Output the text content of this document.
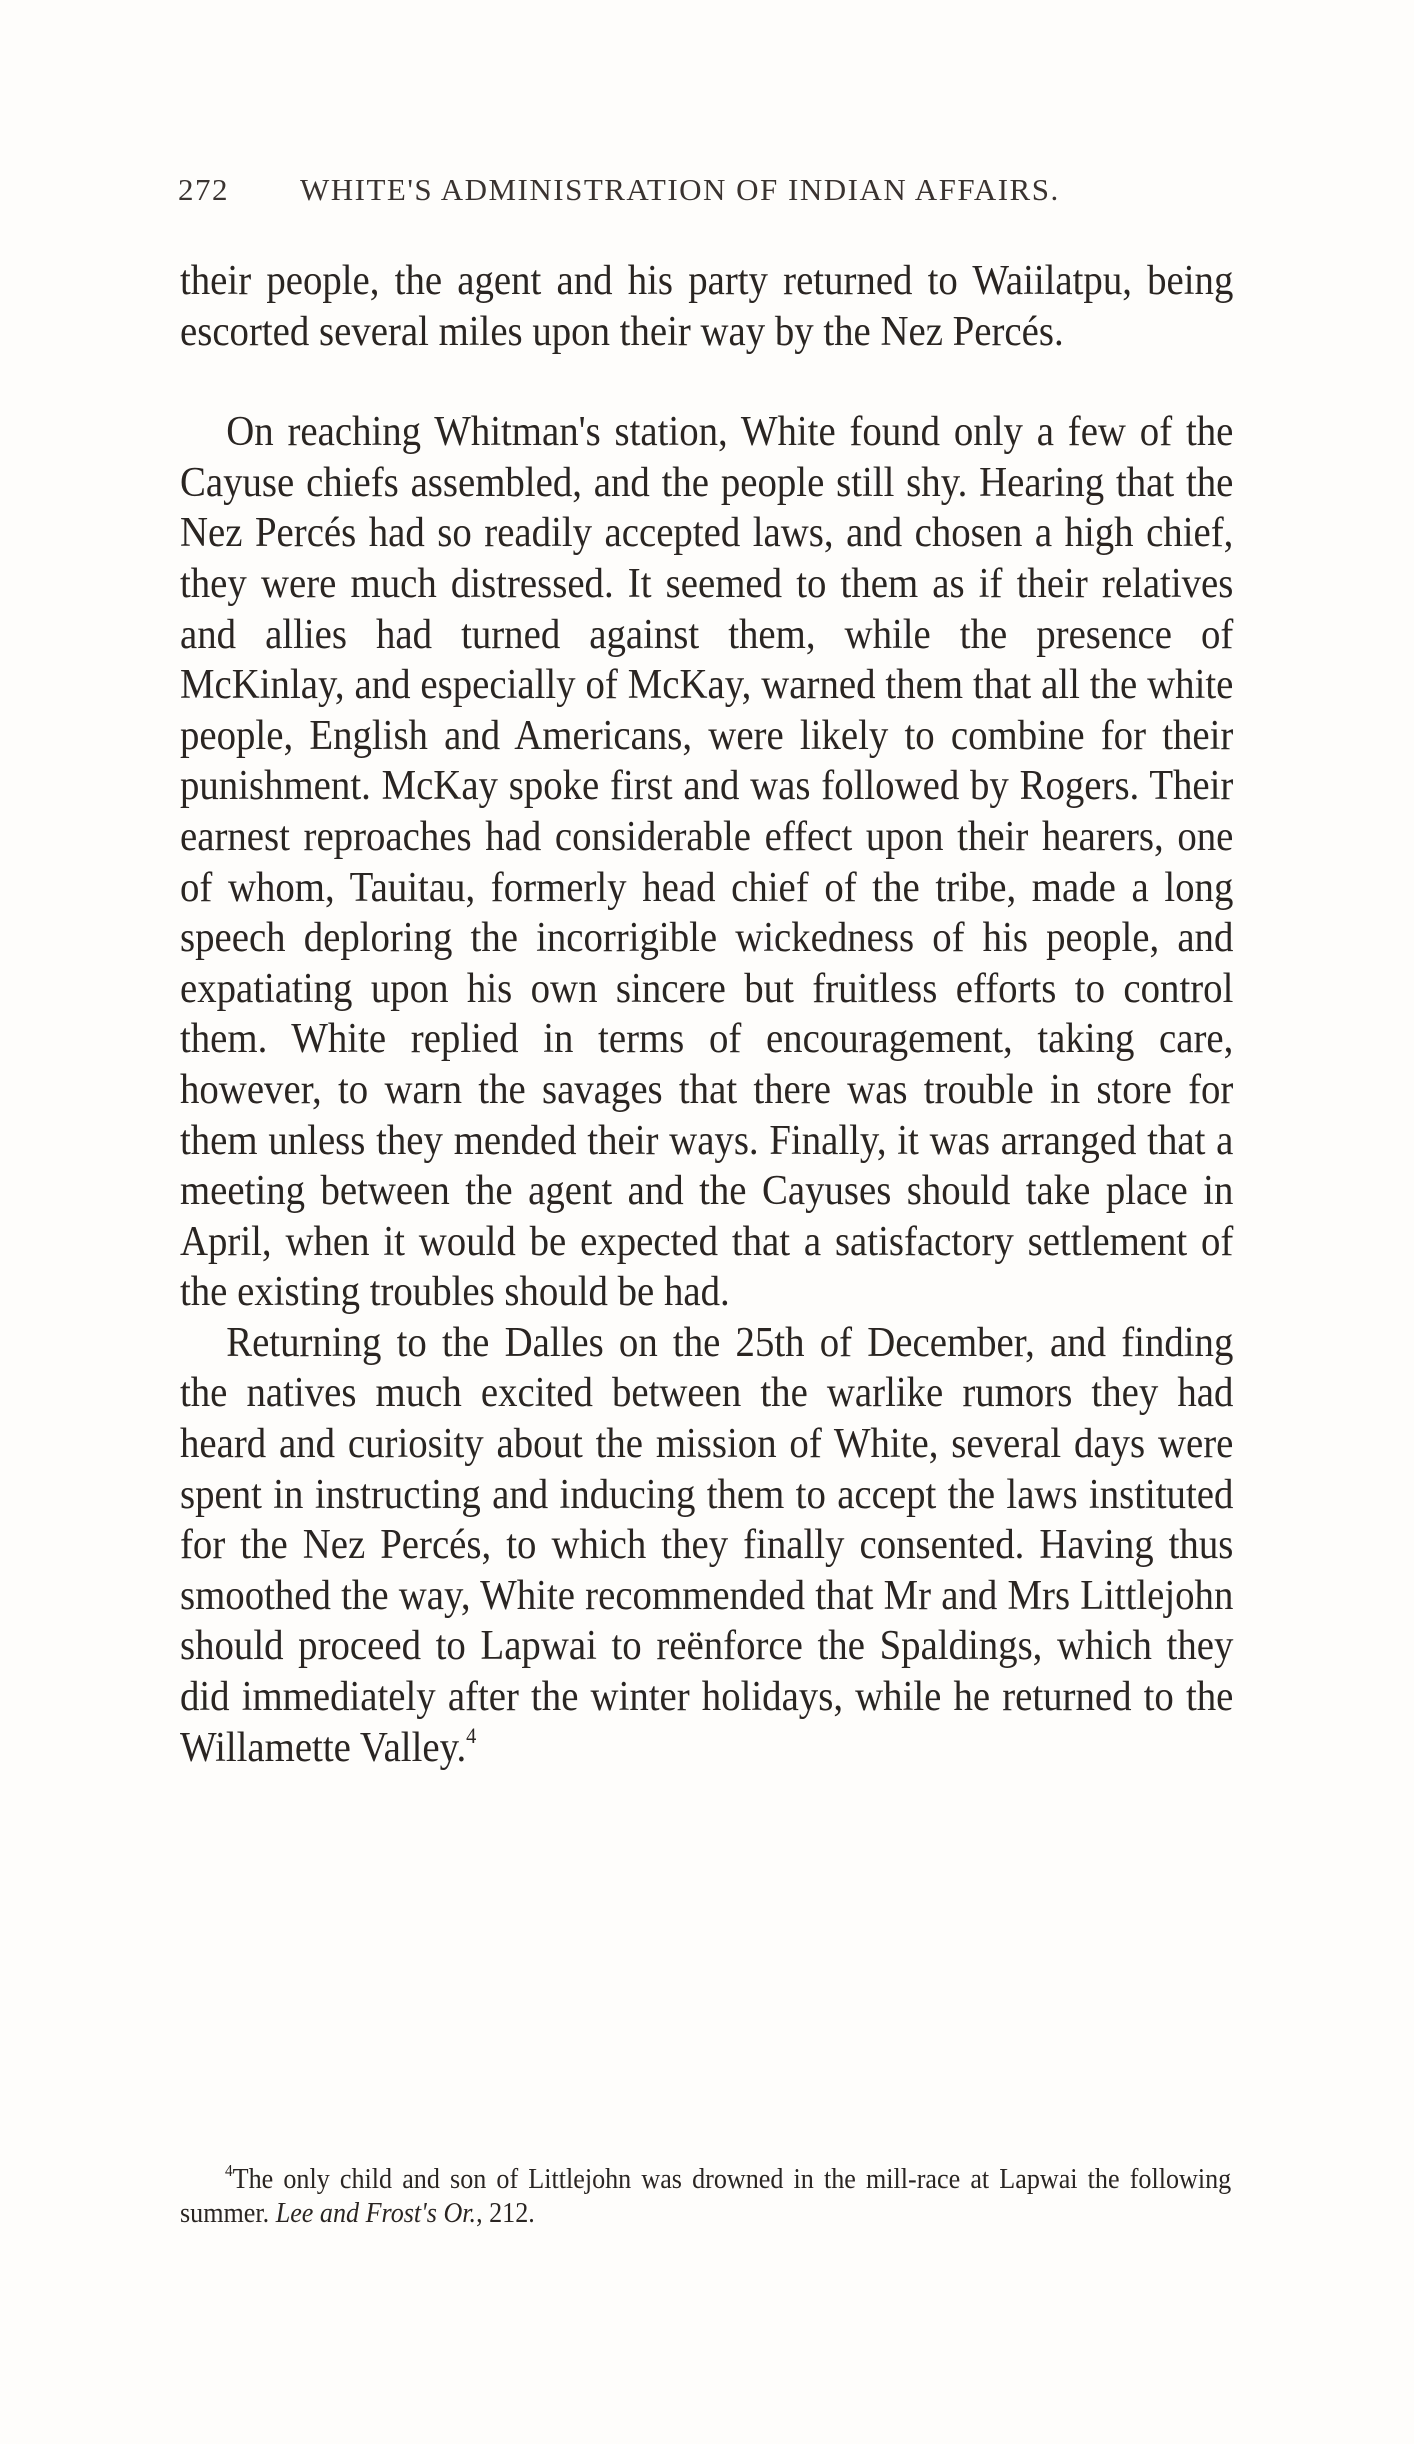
272 WHITE'S ADMINISTRATION OF INDIAN AFFAIRS.

their people, the agent and his party returned to Waiilatpu, being escorted several miles upon their way by the Nez Percés.

On reaching Whitman's station, White found only a few of the Cayuse chiefs assembled, and the people still shy. Hearing that the Nez Percés had so readily accepted laws, and chosen a high chief, they were much distressed. It seemed to them as if their relatives and allies had turned against them, while the presence of McKinlay, and especially of McKay, warned them that all the white people, English and Americans, were likely to combine for their punishment. McKay spoke first and was followed by Rogers. Their earnest reproaches had considerable effect upon their hearers, one of whom, Tauitau, formerly head chief of the tribe, made a long speech deploring the incorrigible wickedness of his people, and expatiating upon his own sincere but fruitless efforts to control them. White replied in terms of encouragement, taking care, however, to warn the savages that there was trouble in store for them unless they mended their ways. Finally, it was arranged that a meeting between the agent and the Cayuses should take place in April, when it would be expected that a satisfactory settlement of the existing troubles should be had.

Returning to the Dalles on the 25th of December, and finding the natives much excited between the warlike rumors they had heard and curiosity about the mission of White, several days were spent in instructing and inducing them to accept the laws instituted for the Nez Percés, to which they finally consented. Having thus smoothed the way, White recommended that Mr and Mrs Littlejohn should proceed to Lapwai to reënforce the Spaldings, which they did immediately after the winter holidays, while he returned to the Willamette Valley.$^4$

$^4$The only child and son of Littlejohn was drowned in the mill-race at Lapwai the following summer. Lee and Frost's Or., 212.
